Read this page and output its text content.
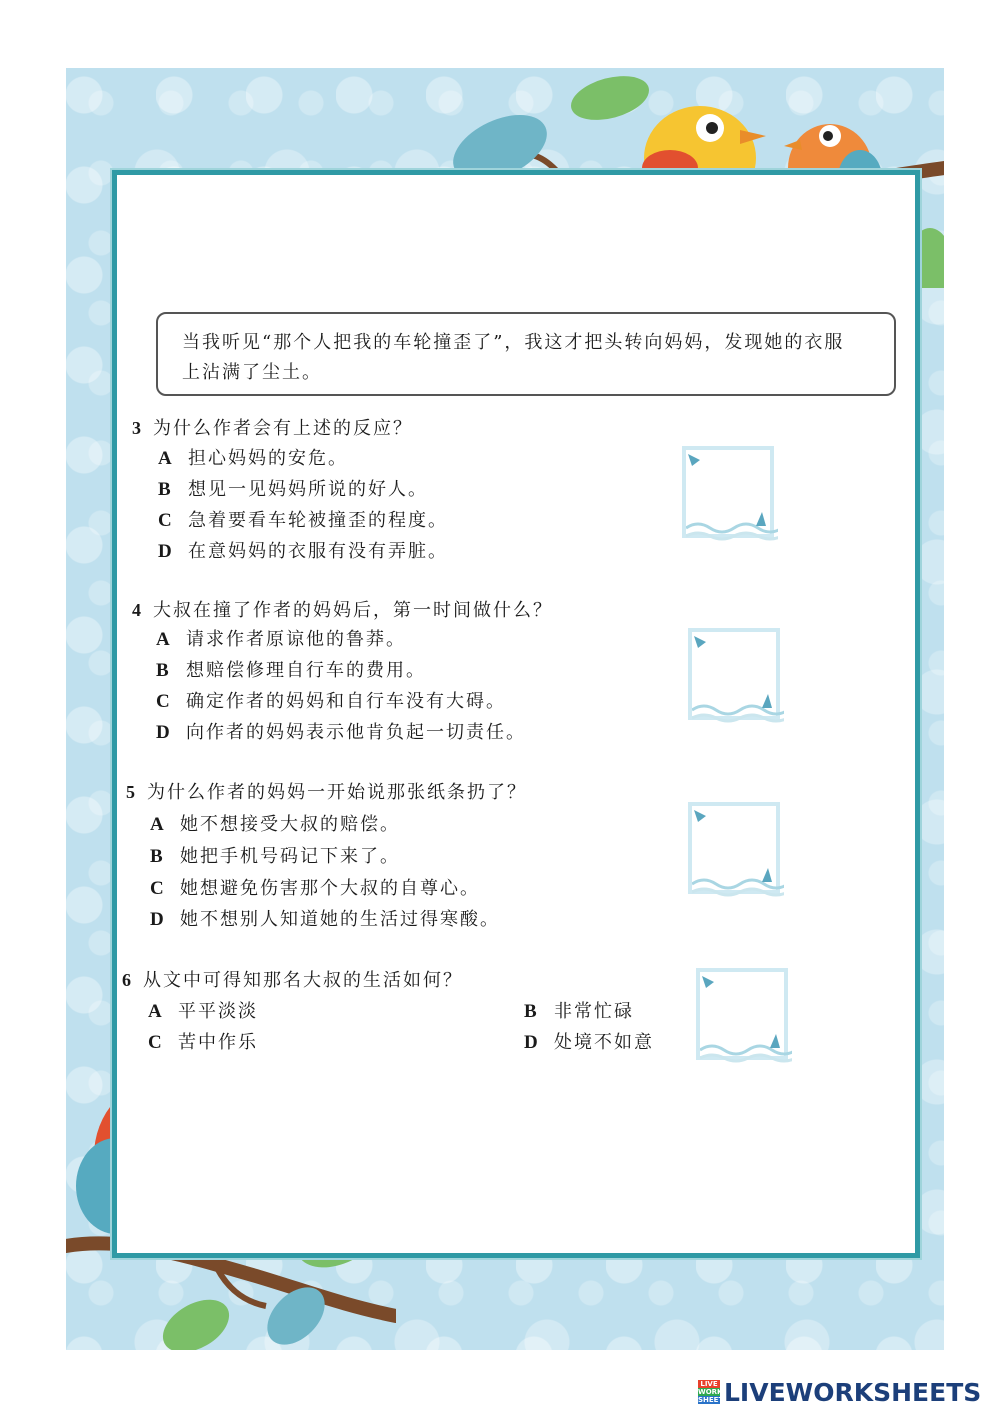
当我听见“那个人把我的车轮撞歪了”，我这才把头转向妈妈，发现她的衣服
上沾满了尘土。
3 为什么作者会有上述的反应？
A 担心妈妈的安危。
B 想见一见妈妈所说的好人。
C 急着要看车轮被撞歪的程度。
D 在意妈妈的衣服有没有弄脏。
4 大叔在撞了作者的妈妈后，第一时间做什么？
A 请求作者原谅他的鲁莽。
B 想赔偿修理自行车的费用。
C 确定作者的妈妈和自行车没有大碍。
D 向作者的妈妈表示他肯负起一切责任。
5 为什么作者的妈妈一开始说那张纸条扔了？
A 她不想接受大叔的赔偿。
B 她把手机号码记下来了。
C 她想避免伤害那个大叔的自尊心。
D 她不想别人知道她的生活过得寒酸。
6 从文中可得知那名大叔的生活如何？
A 平平淡淡	B 非常忙碌
C 苦中作乐	D 处境不如意
LIVE
WORK
SHEETS
LIVEWORKSHEETS
